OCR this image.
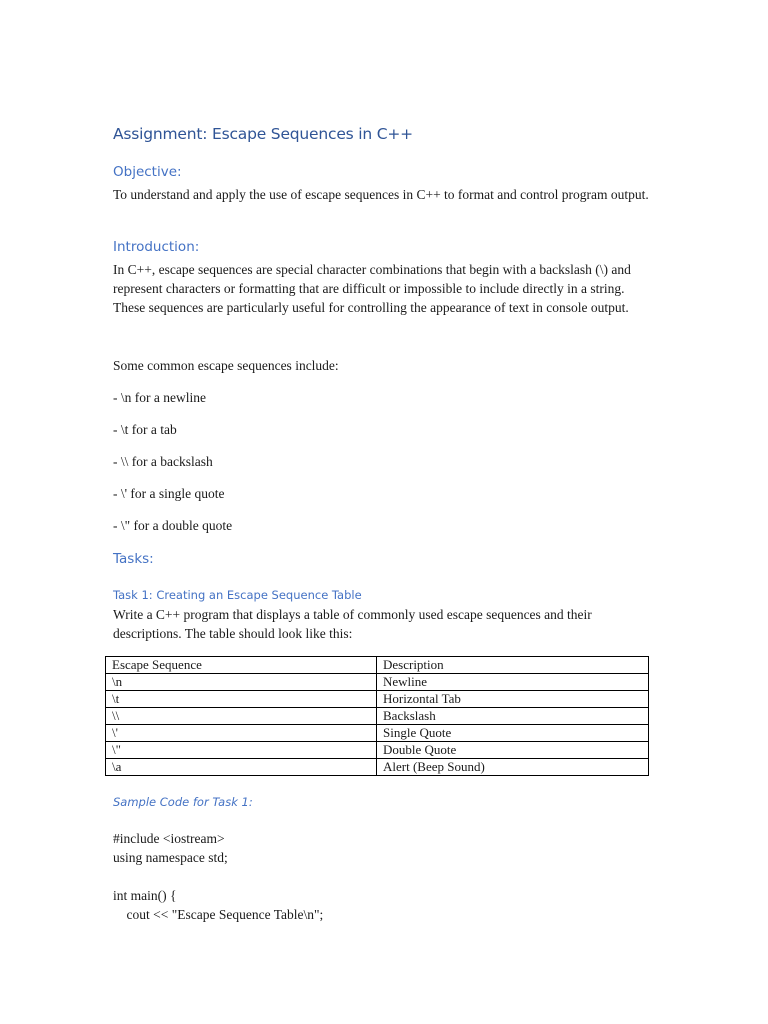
Assignment: Escape Sequences in C++
Objective:

To understand and apply the use of escape sequences in C++ to format and control program output.

Introduction:

In C++, escape sequences are special character combinations that begin with a backslash (\) and represent characters or formatting that are difficult or impossible to include directly in a string. These sequences are particularly useful for controlling the appearance of text in console output.

Some common escape sequences include:
- \n for a newline
- \t for a tab
- \\ for a backslash
- \' for a single quote
- \" for a double quote
Tasks:
Task 1: Creating an Escape Sequence Table

Write a C++ program that displays a table of commonly used escape sequences and their descriptions. The table should look like this:

Escape Sequence	Description
\n	Newline
\t	Horizontal Tab
\\	Backslash
\'	Single Quote
\"	Double Quote
\a	Alert (Beep Sound)
Sample Code for Task 1:
#include <iostream>
using namespace std;
int main() {
cout << "Escape Sequence Table\n";
